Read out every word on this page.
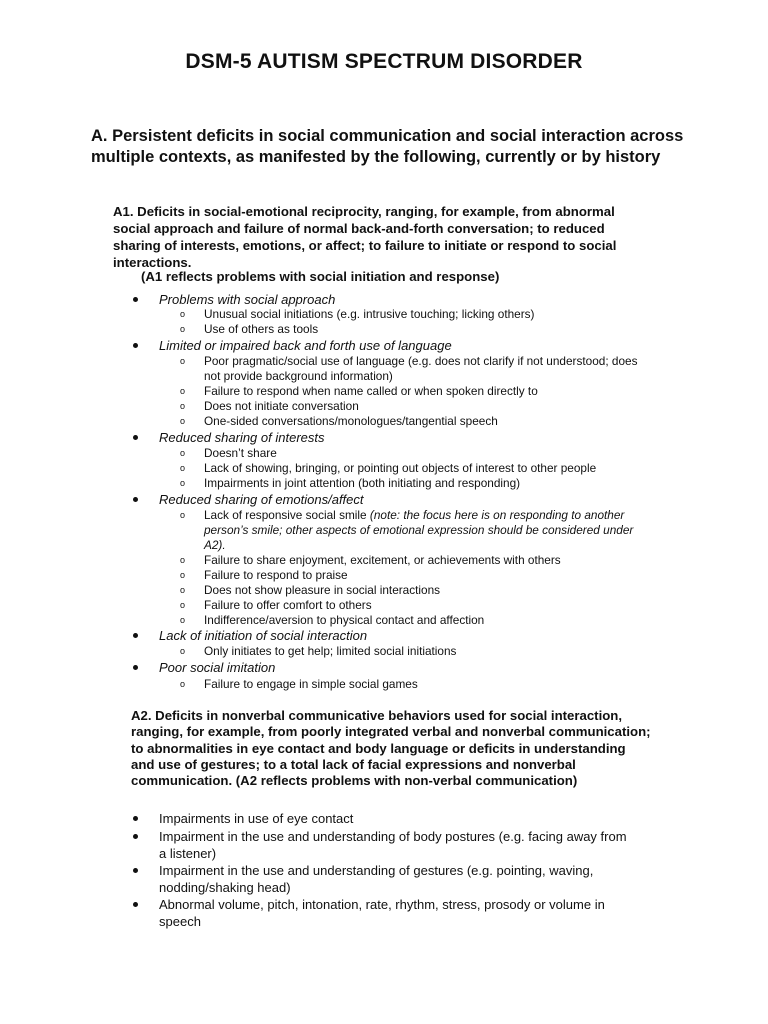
DSM-5 AUTISM SPECTRUM DISORDER
A. Persistent deficits in social communication and social interaction across multiple contexts, as manifested by the following, currently or by history
A1. Deficits in social-emotional reciprocity, ranging, for example, from abnormal social approach and failure of normal back-and-forth conversation; to reduced sharing of interests, emotions, or affect; to failure to initiate or respond to social interactions.
(A1 reflects problems with social initiation and response)
Problems with social approach
o Unusual social initiations (e.g. intrusive touching; licking others)
o Use of others as tools
Limited or impaired back and forth use of language
o Poor pragmatic/social use of language (e.g. does not clarify if not understood; does not provide background information)
o Failure to respond when name called or when spoken directly to
o Does not initiate conversation
o One-sided conversations/monologues/tangential speech
Reduced sharing of interests
o Doesn’t share
o Lack of showing, bringing, or pointing out objects of interest to other people
o Impairments in joint attention (both initiating and responding)
Reduced sharing of emotions/affect
o Lack of responsive social smile (note: the focus here is on responding to another person’s smile; other aspects of emotional expression should be considered under A2).
o Failure to share enjoyment, excitement, or achievements with others
o Failure to respond to praise
o Does not show pleasure in social interactions
o Failure to offer comfort to others
o Indifference/aversion to physical contact and affection
Lack of initiation of social interaction
o Only initiates to get help; limited social initiations
Poor social imitation
o Failure to engage in simple social games
A2. Deficits in nonverbal communicative behaviors used for social interaction, ranging, for example, from poorly integrated verbal and nonverbal communication; to abnormalities in eye contact and body language or deficits in understanding and use of gestures; to a total lack of facial expressions and nonverbal communication. (A2 reflects problems with non-verbal communication)
Impairments in use of eye contact
Impairment in the use and understanding of body postures (e.g. facing away from a listener)
Impairment in the use and understanding of gestures (e.g. pointing, waving, nodding/shaking head)
Abnormal volume, pitch, intonation, rate, rhythm, stress, prosody or volume in speech
